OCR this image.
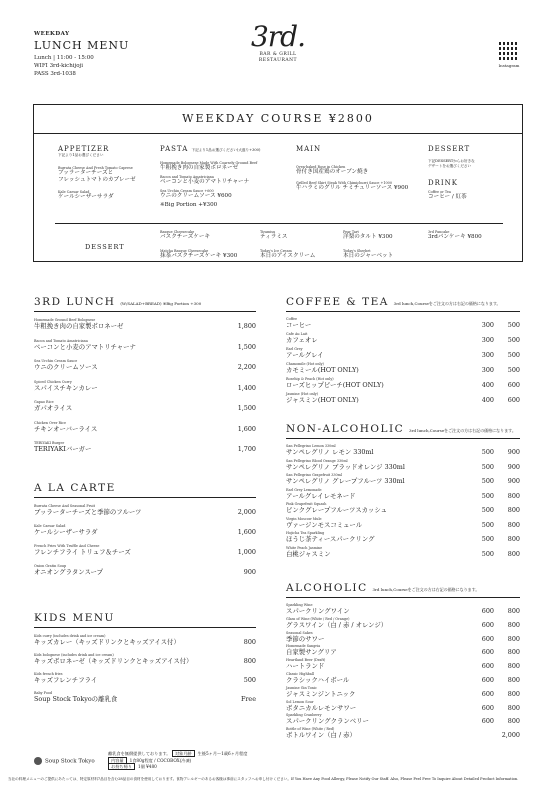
WEEKDAY
LUNCH MENU
Lunch | 11:00 - 15:00
WIFI 3rd-kichijoji
PASS 3rd-1038
3rd.
BAR & GRILL
RESTAURANT
Instagram
WEEKDAY COURSE ¥2800
APPETIZER
下記より1品お選びください
Burrata Cheese And Fresh Tomato Caprese
ブッラーターチーズと
フレッシュトマトのカプレーゼ
Kale Caesar Salad
ケールシーザーサラダ
PASTA 下記より1品お選びください(大盛り+300)
Homemade Bolognese Made With Coarsely Ground Beef
牛粗挽き肉の自家製ボロネーゼ
Bacon and Tomato Amatriciana
ベーコンと小麦のアマトリチャーナ
Sea Urchin Cream Sauce +600
ウニのクリームソース ¥600
※Big Portion +¥300
MAIN
Oven-baked Rose in Chicken
骨付き国産鶏のオーブン焼き
Grilled Beef Skirt Steak With Chimichurri Sauce +1000
牛ハラミのグリル チミチュリーソース ¥900
DESSERT
下記DESSERTからお好きな
デザートをお選びください
DRINK
Coffee or Tea
コーヒー / 紅茶
DESSERT
Basque Cheesecake
バスクチーズケーキ
Tiramisu
ティラミス
Pear Tart
洋梨のタルト ¥300
3rd Pancake
3rdパンケーキ ¥800
Matcha Basque Cheesecake
抹茶バスクチーズケーキ ¥300
Today's Ice Cream
本日のアイスクリーム
Today's Sherbet
本日のジャーベット
3RD LUNCH (W/SALAD+BREAD) ※Big Portion +300
Homemade Ground Beef Bolognese
牛粗挽き肉の自家製ボロネーゼ	1,800
Bacon and Tomato Amatriciana
ベーコンと小麦のアマトリチャーナ	1,500
Sea Urchin Cream Sauce
ウニのクリームソース	2,200
Spiced Chicken Curry
スパイスチキンカレー	1,400
Gapao Rice
ガパオライス	1,500
Chicken Over Rice
チキンオーバーライス	1,600
TERIYAKI Burger
TERIYAKIバーガー	1,700
A LA CARTE
Burrata Cheese And Seasonal Fruit
ブッラーターチーズと季節のフルーツ	2,000
Kale Caesar Salad
ケールシーザーサラダ	1,600
French Fries With Truffle And Cheese
フレンチフライ トリュフ＆チーズ	1,000
Onion Gratin Soup
オニオングラタンスープ	900
KIDS MENU
Kids curry (includes drink and ice cream)
キッズカレー（キッズドリンクとキッズアイス付）	800
Kids bolognese (includes drink and ice cream)
キッズボロネーゼ（キッズドリンクとキッズアイス付）	800
Kids french fries
キッズフレンチフライ	500
Baby Food
Soup Stock Tokyoの離乳食	Free
COFFEE & TEA 3rd lunch,Courseをご注文の方は右記の価格になります。
Coffee
コーヒー	300	500
Cafe Au Lait
カフェオレ	300	500
Earl Grey
アールグレイ	300	500
Chamomile (Hot only)
カモミール(HOT ONLY)	300	500
Rosehip & Peach (Hot only)
ローズヒップピーチ(HOT ONLY)	400	600
Jasmine (Hot only)
ジャスミン(HOT ONLY)	400	600
NON-ALCOHOLIC 3rd lunch,Courseをご注文の方は右記の価格になります。
San Pellegrino Lemon 330ml
サンペレグリノ レモン 330ml	500	900
San Pellegrino Blood Orange 330ml
サンペレグリノ ブラッドオレンジ 330ml	500	900
San Pellegrino Grapefruit 330ml
サンペレグリノ グレープフルーツ 330ml	500	900
Earl Grey Lemonade
アールグレイレモネード	500	800
Pink Grapefruit Squash
ピンクグレープフルーツスカッシュ	500	800
Virgin Moscow Mule
ヴァージンモスコミュール	500	800
Hojicha Tea Sparkling
ほうじ茶ティースパークリング	500	800
White Peach Jasmine
白桃ジャスミン	500	800
ALCOHOLIC 3rd lunch,Courseをご注文の方は右記の価格になります。
Sparkling Wine
スパークリングワイン	600	800
Glass of Wine (White / Red / Orange)
グラスワイン（白 / 赤 / オレンジ）	600	800
Seasonal Sakes
季節のサワー	600	800
Homemade Sangria
自家製サングリア	600	800
Heartland Beer (Draft)
ハートランド	600	800
Classic Highball
クラシックハイボール	600	800
Jasmine Gin Tonic
ジャスミンジントニック	600	800
Sol Lemon Sour
ボタニカルレモンサワー	600	800
Sparkling Cranberry
スパークリングクランベリー	600	800
Bottle of Wine (White / Red)
ボトルワイン（白 / 赤）	2,000
Soup Stock Tokyo
離乳食を無償提供しております。 対象月齢 生後5ヶ月〜1歳6ヶ月程度
内容量 1食80g程度 / COCOBOX(冷凍)
お持ち帰り 1個 ¥480
当社の料理メニューのご提供にあたっては、特定原材料7品目を含む28品目の食材を使用しております。食物アレルギーのあるお客様は事前にスタッフへお申し付けください。If You Have Any Food Allergy, Please Notify Our Staff. Also, Please Feel Free To Inquire About Detailed Product Information.
